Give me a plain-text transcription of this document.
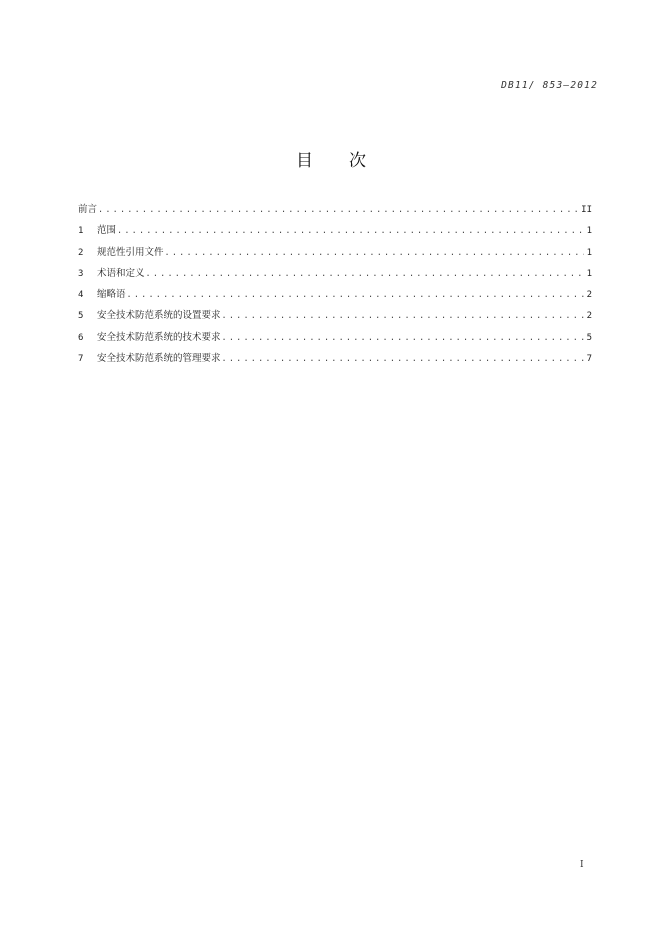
DB11/ 853—2012
目 次
前言 .....	II
1	范围 .....	1
2	规范性引用文件 .....	1
3	术语和定义 .....	1
4	缩略语 .....	2
5	安全技术防范系统的设置要求 .....	2
6	安全技术防范系统的技术要求 .....	5
7	安全技术防范系统的管理要求 .....	7
I
